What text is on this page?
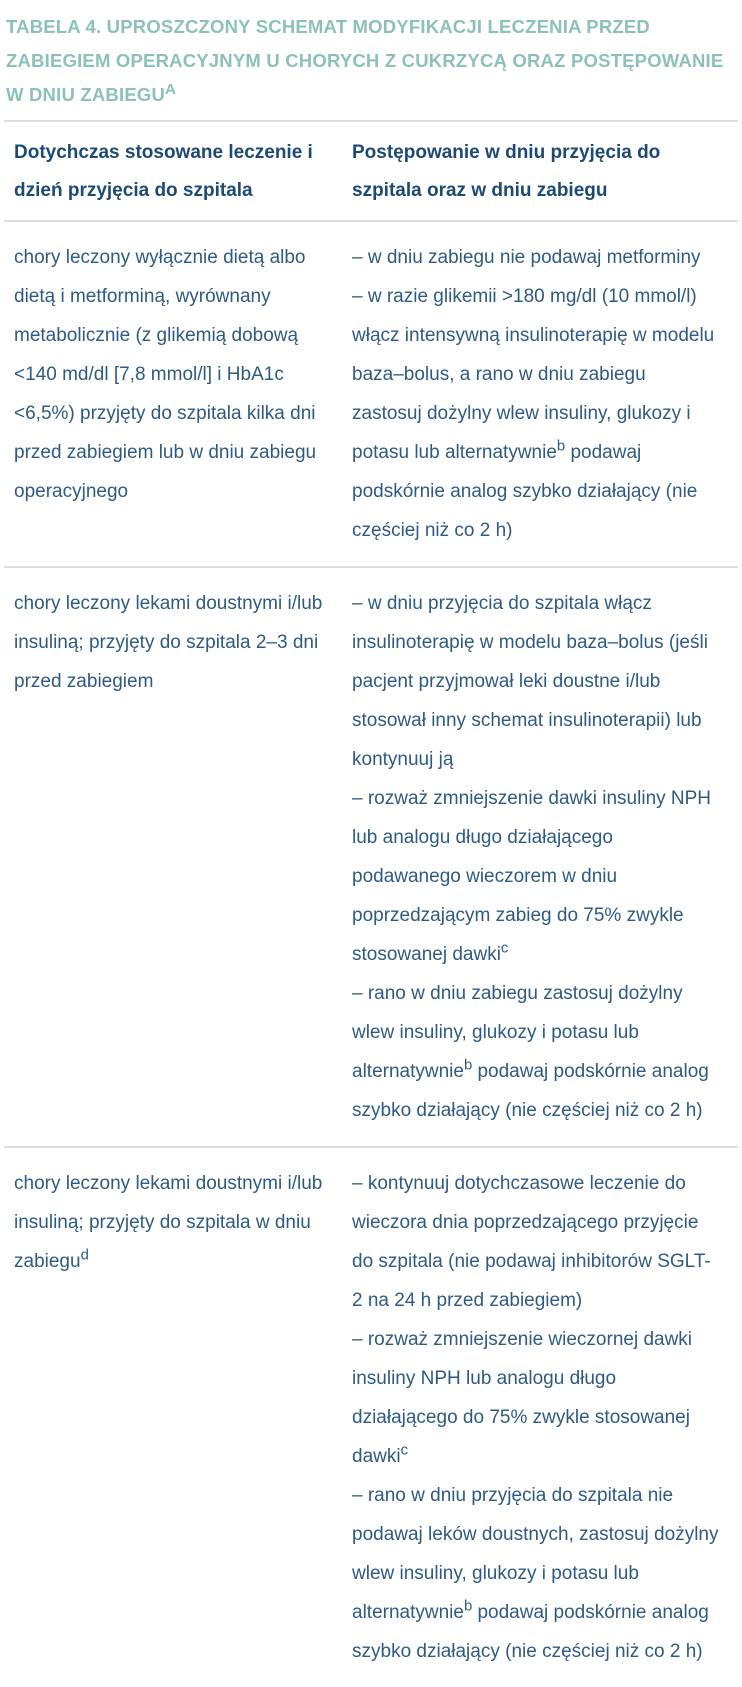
TABELA 4. UPROSZCZONY SCHEMAT MODYFIKACJI LECZENIA PRZED ZABIEGIEM OPERACYJNYM U CHORYCH Z CUKRZYCĄ ORAZ POSTĘPOWANIE W DNIU $ZABIEGU^A$
Dotychczas stosowane leczenie i dzień przyjęcia do szpitala
Postępowanie w dniu przyjęcia do szpitala oraz w dniu zabiegu
chory leczony wyłącznie dietą albo dietą i metforminą, wyrównany metabolicznie (z glikemią dobową <140 md/dl [7,8 mmol/l] i HbA1c <6,5%) przyjęty do szpitala kilka dni przed zabiegiem lub w dniu zabiegu operacyjnego

– w dniu zabiegu nie podawaj metforminy

– w razie glikemii >180 mg/dl (10 mmol/l) włącz intensywną insulinoterapię w modelu baza–bolus, a rano w dniu zabiegu zastosuj dożylny wlew insuliny, glukozy i potasu lub alternatywnie$^b$ podawaj podskórnie analog szybko działający (nie częściej niż co 2 h)

chory leczony lekami doustnymi i/lub insuliną; przyjęty do szpitala 2–3 dni przed zabiegiem

– w dniu przyjęcia do szpitala włącz insulinoterapię w modelu baza–bolus (jeśli pacjent przyjmował leki doustne i/lub stosował inny schemat insulinoterapii) lub kontynuuj ją

– rozważ zmniejszenie dawki insuliny NPH lub analogu długo działającego podawanego wieczorem w dniu poprzedzającym zabieg do 75% zwykle stosowanej dawki$^c$

– rano w dniu zabiegu zastosuj dożylny wlew insuliny, glukozy i potasu lub alternatywnie$^b$ podawaj podskórnie analog szybko działający (nie częściej niż co 2 h)

chory leczony lekami doustnymi i/lub insuliną; przyjęty do szpitala w dniu zabiegu$^d$

– kontynuuj dotychczasowe leczenie do wieczora dnia poprzedzającego przyjęcie do szpitala (nie podawaj inhibitorów SGLT-2 na 24 h przed zabiegiem)

– rozważ zmniejszenie wieczornej dawki insuliny NPH lub analogu długo działającego do 75% zwykle stosowanej dawki$^c$

– rano w dniu przyjęcia do szpitala nie podawaj leków doustnych, zastosuj dożylny wlew insuliny, glukozy i potasu lub alternatywnie$^b$ podawaj podskórnie analog szybko działający (nie częściej niż co 2 h)
